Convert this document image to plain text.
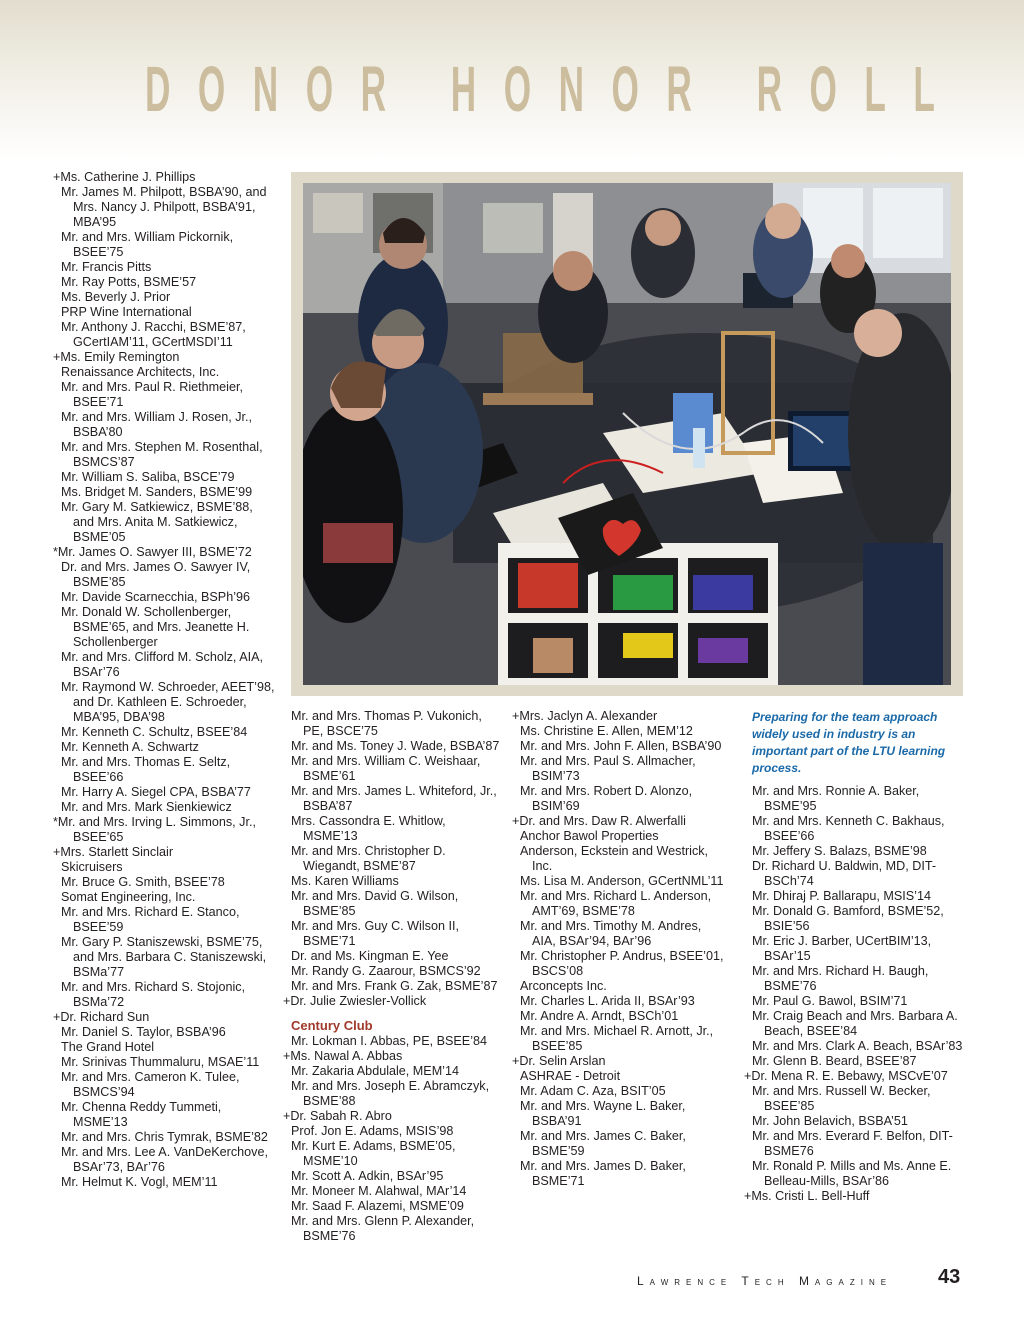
DONOR HONOR ROLL
+Ms. Catherine J. Phillips
Mr. James M. Philpott, BSBA’90, and
Mrs. Nancy J. Philpott, BSBA’91,
MBA’95
Mr. and Mrs. William Pickornik,
BSEE’75
Mr. Francis Pitts
Mr. Ray Potts, BSME’57
Ms. Beverly J. Prior
PRP Wine International
Mr. Anthony J. Racchi, BSME’87,
GCertIAM’11, GCertMSDI’11
+Ms. Emily Remington
Renaissance Architects, Inc.
Mr. and Mrs. Paul R. Riethmeier,
BSEE’71
Mr. and Mrs. William J. Rosen, Jr.,
BSBA’80
Mr. and Mrs. Stephen M. Rosenthal,
BSMCS’87
Mr. William S. Saliba, BSCE’79
Ms. Bridget M. Sanders, BSME’99
Mr. Gary M. Satkiewicz, BSME’88,
and Mrs. Anita M. Satkiewicz,
BSME’05
*Mr. James O. Sawyer III, BSME’72
Dr. and Mrs. James O. Sawyer IV,
BSME’85
Mr. Davide Scarnecchia, BSPh’96
Mr. Donald W. Schollenberger,
BSME’65, and Mrs. Jeanette H.
Schollenberger
Mr. and Mrs. Clifford M. Scholz, AIA,
BSAr’76
Mr. Raymond W. Schroeder, AEET’98,
and Dr. Kathleen E. Schroeder,
MBA’95, DBA’98
Mr. Kenneth C. Schultz, BSEE’84
Mr. Kenneth A. Schwartz
Mr. and Mrs. Thomas E. Seltz,
BSEE’66
Mr. Harry A. Siegel CPA, BSBA’77
Mr. and Mrs. Mark Sienkiewicz
*Mr. and Mrs. Irving L. Simmons, Jr.,
BSEE’65
+Mrs. Starlett Sinclair
Skicruisers
Mr. Bruce G. Smith, BSEE’78
Somat Engineering, Inc.
Mr. and Mrs. Richard E. Stanco,
BSEE’59
Mr. Gary P. Staniszewski, BSME’75,
and Mrs. Barbara C. Staniszewski,
BSMa’77
Mr. and Mrs. Richard S. Stojonic,
BSMa’72
+Dr. Richard Sun
Mr. Daniel S. Taylor, BSBA’96
The Grand Hotel
Mr. Srinivas Thummaluru, MSAE’11
Mr. and Mrs. Cameron K. Tulee,
BSMCS’94
Mr. Chenna Reddy Tummeti,
MSME’13
Mr. and Mrs. Chris Tymrak, BSME’82
Mr. and Mrs. Lee A. VanDeKerchove,
BSAr’73, BAr’76
Mr. Helmut K. Vogl, MEM’11
Mr. and Mrs. Thomas P. Vukonich,
PE, BSCE’75
Mr. and Ms. Toney J. Wade, BSBA’87
Mr. and Mrs. William C. Weishaar,
BSME’61
Mr. and Mrs. James L. Whiteford, Jr.,
BSBA’87
Mrs. Cassondra E. Whitlow,
MSME’13
Mr. and Mrs. Christopher D.
Wiegandt, BSME’87
Ms. Karen Williams
Mr. and Mrs. David G. Wilson,
BSME’85
Mr. and Mrs. Guy C. Wilson II,
BSME’71
Dr. and Ms. Kingman E. Yee
Mr. Randy G. Zaarour, BSMCS’92
Mr. and Mrs. Frank G. Zak, BSME’87
+Dr. Julie Zwiesler-Vollick
Century Club
Mr. Lokman I. Abbas, PE, BSEE’84
+Ms. Nawal A. Abbas
Mr. Zakaria Abdulale, MEM’14
Mr. and Mrs. Joseph E. Abramczyk,
BSME’88
+Dr. Sabah R. Abro
Prof. Jon E. Adams, MSIS’98
Mr. Kurt E. Adams, BSME’05,
MSME’10
Mr. Scott A. Adkin, BSAr’95
Mr. Moneer M. Alahwal, MAr’14
Mr. Saad F. Alazemi, MSME’09
Mr. and Mrs. Glenn P. Alexander,
BSME’76
+Mrs. Jaclyn A. Alexander
Ms. Christine E. Allen, MEM’12
Mr. and Mrs. John F. Allen, BSBA’90
Mr. and Mrs. Paul S. Allmacher,
BSIM’73
Mr. and Mrs. Robert D. Alonzo,
BSIM’69
+Dr. and Mrs. Daw R. Alwerfalli
Anchor Bawol Properties
Anderson, Eckstein and Westrick,
Inc.
Ms. Lisa M. Anderson, GCertNML’11
Mr. and Mrs. Richard L. Anderson,
AMT’69, BSME’78
Mr. and Mrs. Timothy M. Andres,
AIA, BSAr’94, BAr’96
Mr. Christopher P. Andrus, BSEE’01,
BSCS’08
Arconcepts Inc.
Mr. Charles L. Arida II, BSAr’93
Mr. Andre A. Arndt, BSCh’01
Mr. and Mrs. Michael R. Arnott, Jr.,
BSEE’85
+Dr. Selin Arslan
ASHRAE - Detroit
Mr. Adam C. Aza, BSIT’05
Mr. and Mrs. Wayne L. Baker,
BSBA’91
Mr. and Mrs. James C. Baker,
BSME’59
Mr. and Mrs. James D. Baker,
BSME’71
Preparing for the team approach widely used in industry is an important part of the LTU learning process.
Mr. and Mrs. Ronnie A. Baker,
BSME’95
Mr. and Mrs. Kenneth C. Bakhaus,
BSEE’66
Mr. Jeffery S. Balazs, BSME’98
Dr. Richard U. Baldwin, MD, DIT-
BSCh’74
Mr. Dhiraj P. Ballarapu, MSIS’14
Mr. Donald G. Bamford, BSME’52,
BSIE’56
Mr. Eric J. Barber, UCertBIM’13,
BSAr’15
Mr. and Mrs. Richard H. Baugh,
BSME’76
Mr. Paul G. Bawol, BSIM’71
Mr. Craig Beach and Mrs. Barbara A.
Beach, BSEE’84
Mr. and Mrs. Clark A. Beach, BSAr’83
Mr. Glenn B. Beard, BSEE’87
+Dr. Mena R. E. Bebawy, MSCvE’07
Mr. and Mrs. Russell W. Becker,
BSEE’85
Mr. John Belavich, BSBA’51
Mr. and Mrs. Everard F. Belfon, DIT-
BSME76
Mr. Ronald P. Mills and Ms. Anne E.
Belleau-Mills, BSAr’86
+Ms. Cristi L. Bell-Huff
Lawrence Tech Magazine 43
